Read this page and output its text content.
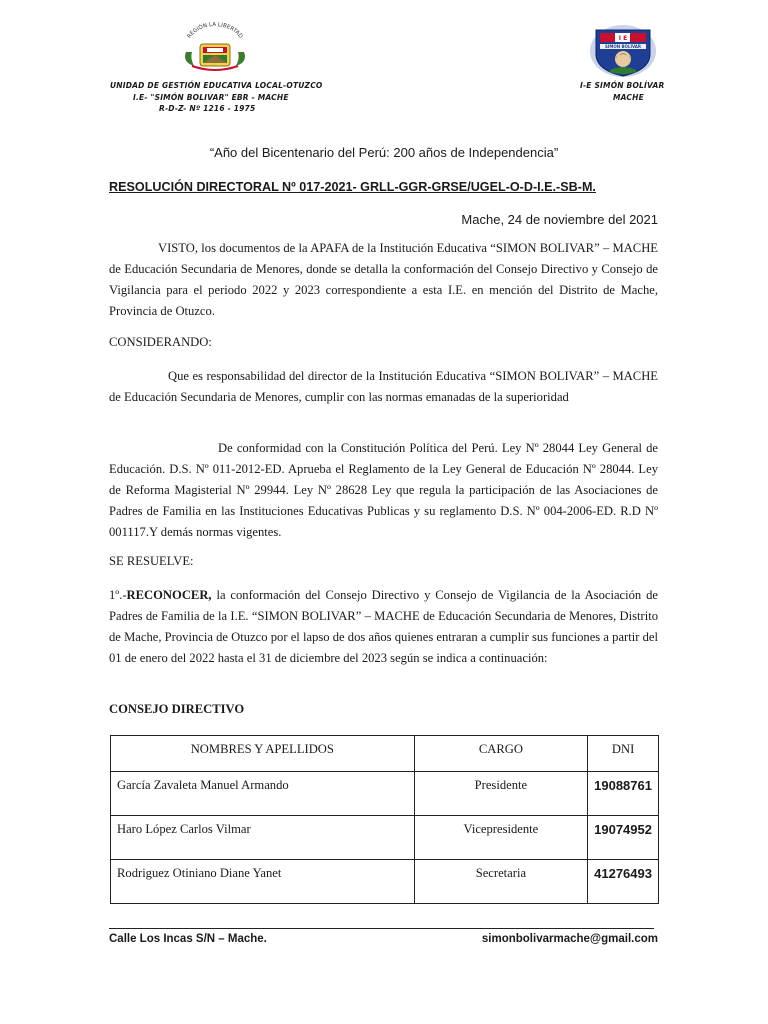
REGIÓN LA LIBERTAD
UNIDAD DE GESTIÓN EDUCATIVA LOCAL-OTUZCO
I.E- "SIMÓN BOLIVAR" EBR - MACHE
R-D-Z- Nº 1216 - 1975
I E
SIMON BOLIVAR
I-E SIMÓN BOLÍVAR
MACHE
“Año del Bicentenario del Perú: 200 años de Independencia”
RESOLUCIÓN DIRECTORAL Nº 017-2021- GRLL-GGR-GRSE/UGEL-O-D-I.E.-SB-M.
Mache, 24 de noviembre del 2021
VISTO, los documentos de la APAFA de la Institución Educativa “SIMON BOLIVAR” – MACHE de Educación Secundaria de Menores, donde se detalla la conformación del Consejo Directivo y Consejo de Vigilancia para el periodo 2022 y 2023 correspondiente a esta I.E. en mención del Distrito de Mache, Provincia de Otuzco.
CONSIDERANDO:
Que es responsabilidad del director de la Institución Educativa “SIMON BOLIVAR” – MACHE de Educación Secundaria de Menores, cumplir con las normas emanadas de la superioridad
De conformidad con la Constitución Política del Perú. Ley Nº 28044 Ley General de Educación. D.S. Nº 011-2012-ED. Aprueba el Reglamento de la Ley General de Educación Nº 28044. Ley de Reforma Magisterial Nº 29944. Ley Nº 28628 Ley que regula la participación de las Asociaciones de Padres de Familia en las Instituciones Educativas Publicas y su reglamento D.S. Nº 004-2006-ED. R.D Nº 001117.Y demás normas vigentes.
SE RESUELVE:
1º.-RECONOCER, la conformación del Consejo Directivo y Consejo de Vigilancia de la Asociación de Padres de Familia de la I.E. “SIMON BOLIVAR” – MACHE de Educación Secundaria de Menores, Distrito de Mache, Provincia de Otuzco por el lapso de dos años quienes entraran a cumplir sus funciones a partir del 01 de enero del 2022 hasta el 31 de diciembre del 2023 según se indica a continuación:
CONSEJO DIRECTIVO
NOMBRES Y APELLIDOS	CARGO	DNI
García Zavaleta Manuel Armando	Presidente	19088761
Haro López Carlos Vilmar	Vicepresidente	19074952
Rodriguez Otiniano Diane Yanet	Secretaria	41276493
Calle Los Incas S/N – Mache.	simonbolivarmache@gmail.com
